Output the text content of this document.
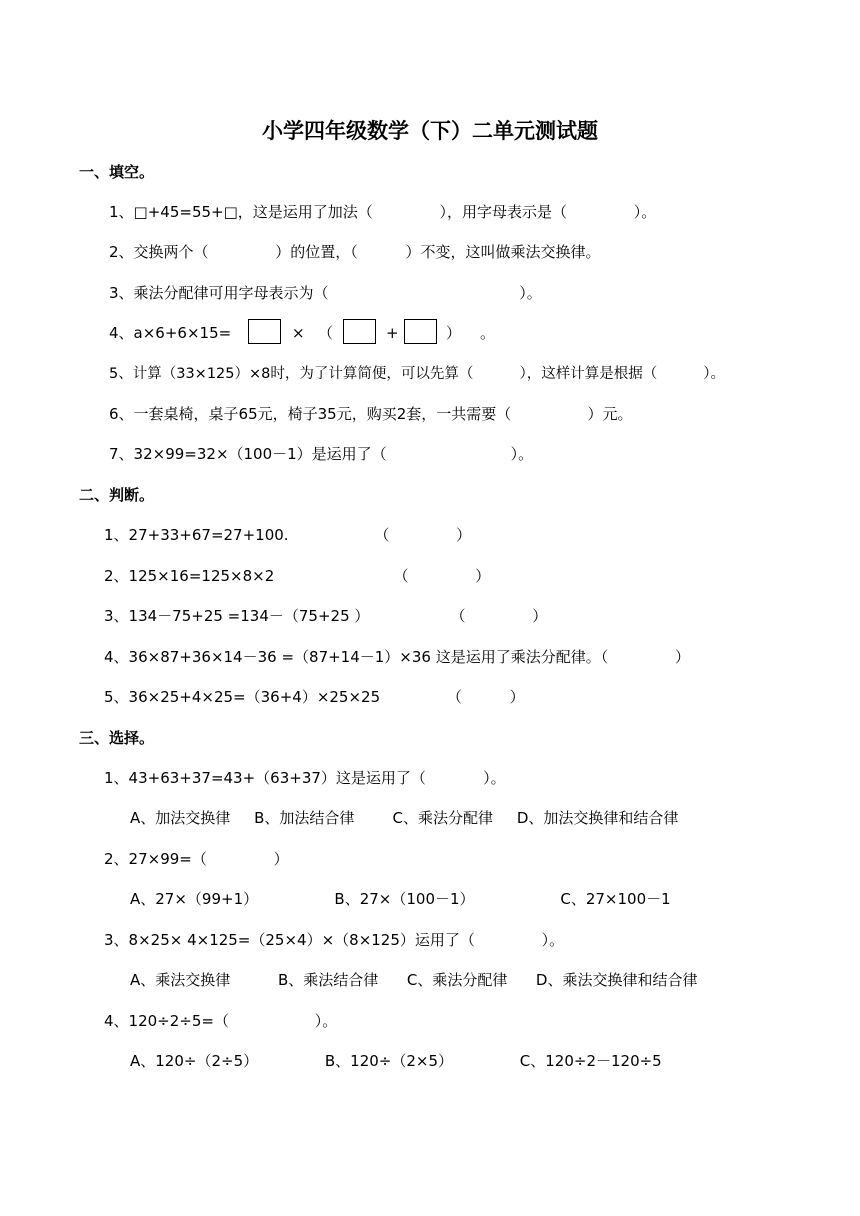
小学四年级数学（下）二单元测试题
一、填空。
1、□+45=55+□，这是运用了加法（              ），用字母表示是（              ）。
2、交换两个（              ）的位置，（          ）不变，这叫做乘法交换律。
3、乘法分配律可用字母表示为（                                        ）。
4、a×6+6×15=	× （	+	） 。
5、计算（33×125）×8时，为了计算简便，可以先算（          ），这样计算是根据（          ）。
6、一套桌椅，桌子65元，椅子35元，购买2套，一共需要（                ）元。
7、32×99=32×（100－1）是运用了（                          ）。
二、判断。
1、27+33+67=27+100.                  （              ）
2、125×16=125×8×2                         （              ）
3、134－75+25 =134－（75+25 ）                 （              ）
4、36×87+36×14－36 =（87+14－1）×36 这是运用了乘法分配律。（              ）
5、36×25+4×25=（36+4）×25×25              （          ）
三、选择。
1、43+63+37=43+（63+37）这是运用了（            ）。
A、加法交换律     B、加法结合律        C、乘法分配律     D、加法交换律和结合律
2、27×99=（              ）
A、27×（99+1）                B、27×（100－1）                  C、27×100－1
3、8×25× 4×125=（25×4）×（8×125）运用了（              ）。
A、乘法交换律          B、乘法结合律      C、乘法分配律      D、乘法交换律和结合律
4、120÷2÷5=（                  ）。
A、120÷（2÷5）              B、120÷（2×5）              C、120÷2－120÷5
